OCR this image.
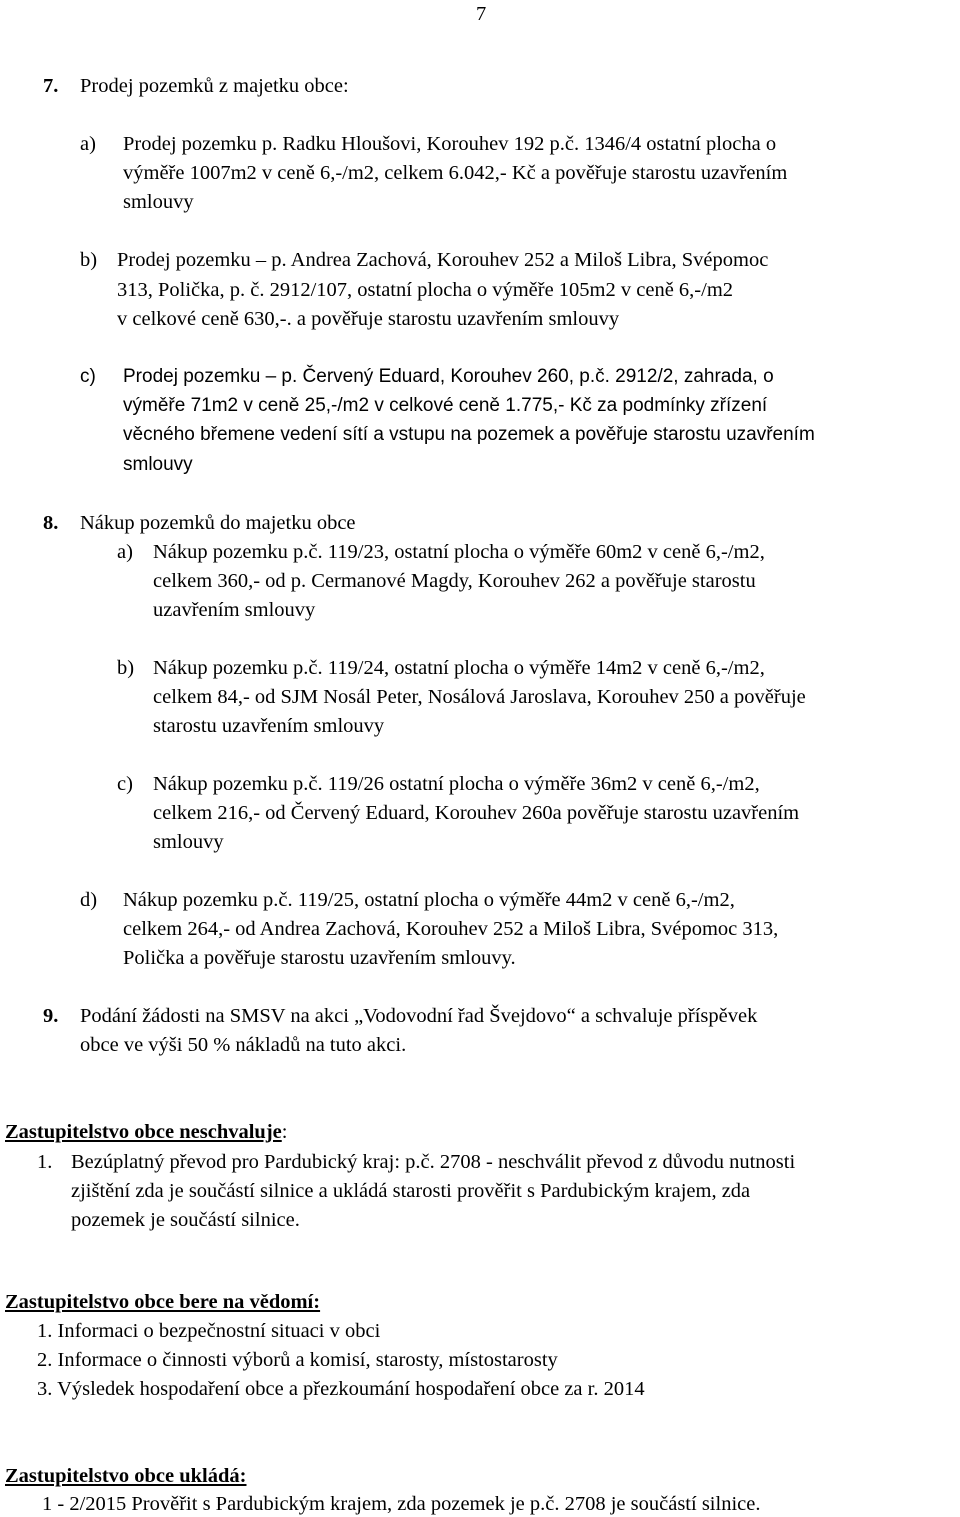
7
7. Prodej pozemků z majetku obce:
a) Prodej pozemku p. Radku Hloušovi, Korouhev 192 p.č. 1346/4 ostatní plocha o
výměře 1007m2 v ceně 6,-/m2, celkem 6.042,- Kč a pověřuje starostu uzavřením
smlouvy
b) Prodej pozemku – p. Andrea Zachová, Korouhev 252 a Miloš Libra, Svépomoc
313, Polička, p. č. 2912/107, ostatní plocha o výměře 105m2 v ceně 6,-/m2
v celkové ceně 630,-. a pověřuje starostu uzavřením smlouvy
c) Prodej pozemku – p. Červený Eduard, Korouhev 260, p.č. 2912/2, zahrada, o
výměře 71m2 v ceně 25,-/m2 v celkové ceně 1.775,- Kč za podmínky zřízení
věcného břemene vedení sítí a vstupu na pozemek a pověřuje starostu uzavřením
smlouvy
8. Nákup pozemků do majetku obce
a) Nákup pozemku p.č. 119/23, ostatní plocha o výměře 60m2 v ceně 6,-/m2,
celkem 360,- od p. Cermanové Magdy, Korouhev 262 a pověřuje starostu
uzavřením smlouvy
b) Nákup pozemku p.č. 119/24, ostatní plocha o výměře 14m2 v ceně 6,-/m2,
celkem 84,- od SJM Nosál Peter, Nosálová Jaroslava, Korouhev 250 a pověřuje
starostu uzavřením smlouvy
c) Nákup pozemku p.č. 119/26 ostatní plocha o výměře 36m2 v ceně 6,-/m2,
celkem 216,- od Červený Eduard, Korouhev 260a pověřuje starostu uzavřením
smlouvy
d) Nákup pozemku p.č. 119/25, ostatní plocha o výměře 44m2 v ceně 6,-/m2,
celkem 264,- od Andrea Zachová, Korouhev 252 a Miloš Libra, Svépomoc 313,
Polička a pověřuje starostu uzavřením smlouvy.
9. Podání žádosti na SMSV na akci „Vodovodní řad Švejdovo“ a schvaluje příspěvek
obce ve výši 50 % nákladů na tuto akci.
Zastupitelstvo obce neschvaluje:
1. Bezúplatný převod pro Pardubický kraj: p.č. 2708 - neschválit převod z důvodu nutnosti
zjištění zda je součástí silnice a ukládá starosti prověřit s Pardubickým krajem, zda
pozemek je součástí silnice.
Zastupitelstvo obce bere na vědomí:
1. Informaci o bezpečnostní situaci v obci
2. Informace o činnosti výborů a komisí, starosty, místostarosty
3. Výsledek hospodaření obce a přezkoumání hospodaření obce za r. 2014
Zastupitelstvo obce ukládá:
1 - 2/2015 Prověřit s Pardubickým krajem, zda pozemek je p.č. 2708 je součástí silnice.
